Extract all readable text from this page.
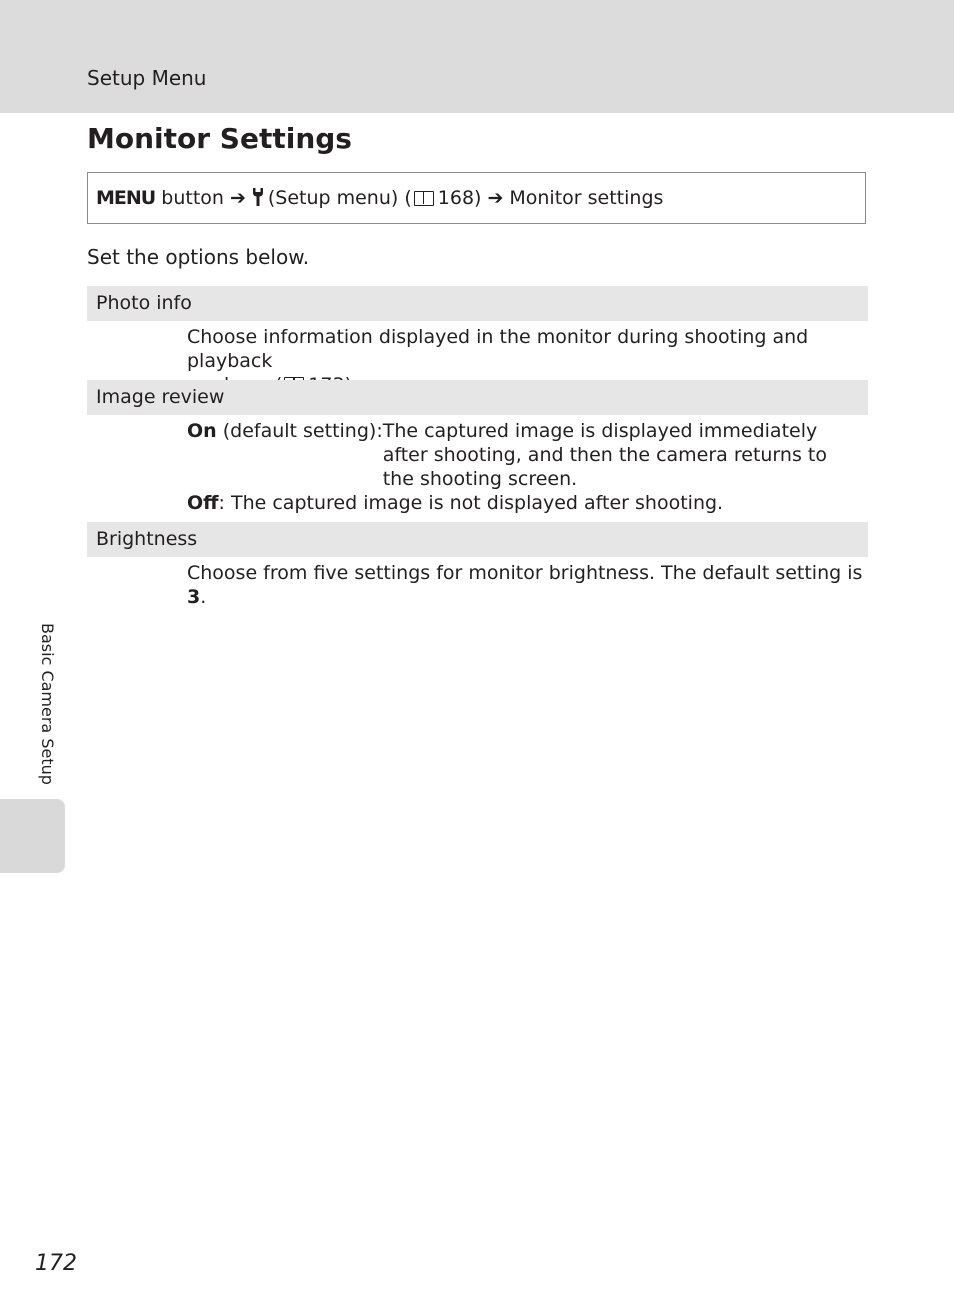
Setup Menu
Monitor Settings
MENU
button ➔ (Setup menu) ( 168) ➔ Monitor settings
Set the options below.
Photo info
Choose information displayed in the monitor during shooting and playback
Image review
On (default setting): The captured image is displayed immediately after shooting, and then the camera returns to the shooting screen.
Off: The captured image is not displayed after shooting.
Brightness
Choose from five settings for monitor brightness. The default setting is 3.
Basic Camera Setup
172
